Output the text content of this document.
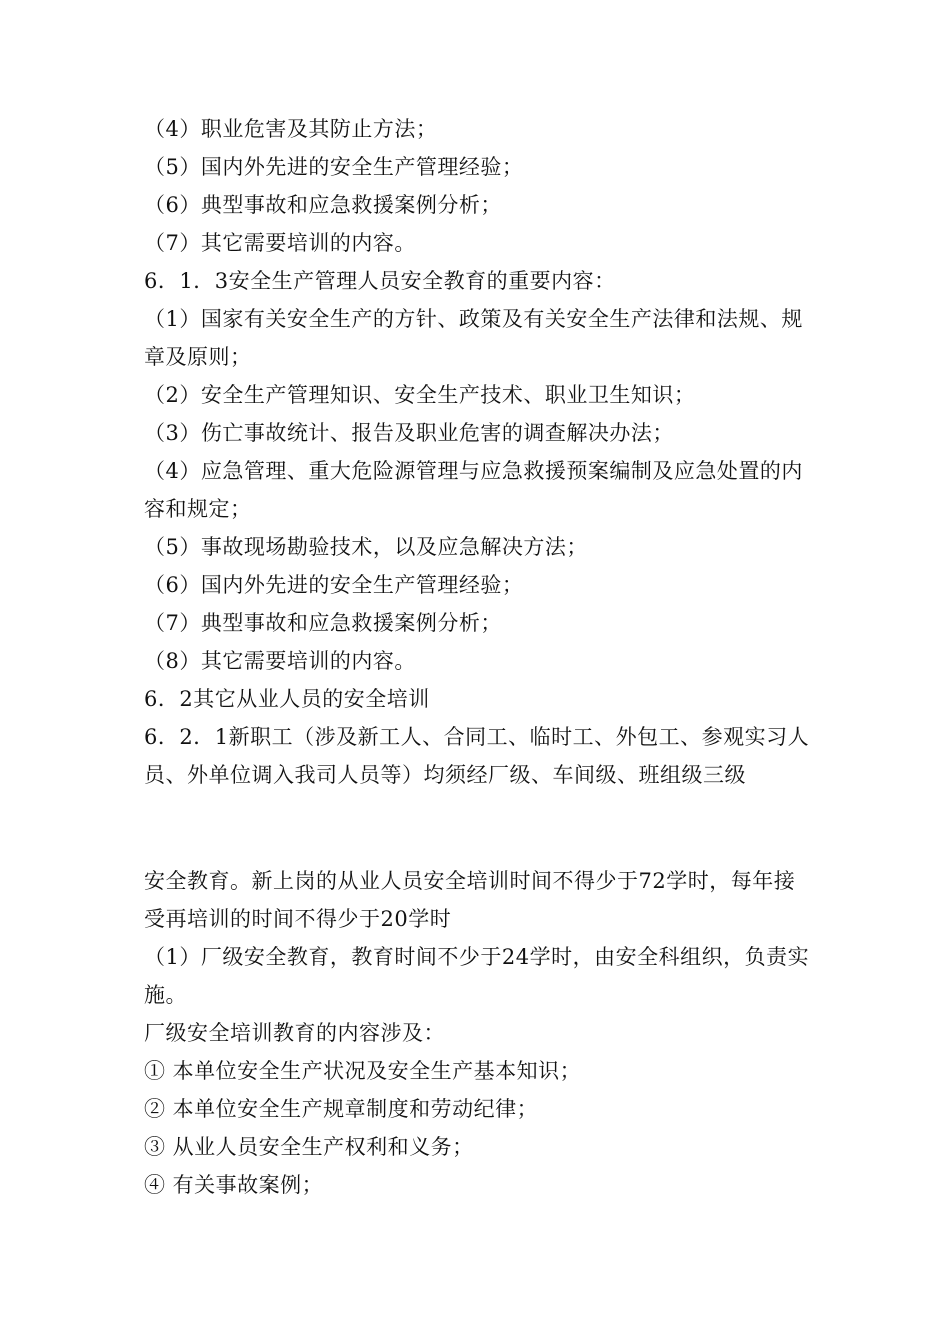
（4）职业危害及其防止方法；

（5）国内外先进的安全生产管理经验；

（6）典型事故和应急救援案例分析；

（7）其它需要培训的内容。

6．1．3安全生产管理人员安全教育的重要内容：

（1）国家有关安全生产的方针、政策及有关安全生产法律和法规、规章及原则；

（2）安全生产管理知识、安全生产技术、职业卫生知识；

（3）伤亡事故统计、报告及职业危害的调查解决办法；

（4）应急管理、重大危险源管理与应急救援预案编制及应急处置的内容和规定；

（5）事故现场勘验技术，以及应急解决方法；

（6）国内外先进的安全生产管理经验；

（7）典型事故和应急救援案例分析；

（8）其它需要培训的内容。

6．2其它从业人员的安全培训

6．2．1新职工（涉及新工人、合同工、临时工、外包工、参观实习人员、外单位调入我司人员等）均须经厂级、车间级、班组级三级

安全教育。新上岗的从业人员安全培训时间不得少于72学时，每年接受再培训的时间不得少于20学时

（1）厂级安全教育，教育时间不少于24学时，由安全科组织，负责实施。

厂级安全培训教育的内容涉及：

① 本单位安全生产状况及安全生产基本知识；

② 本单位安全生产规章制度和劳动纪律；

③ 从业人员安全生产权利和义务；

④ 有关事故案例；
